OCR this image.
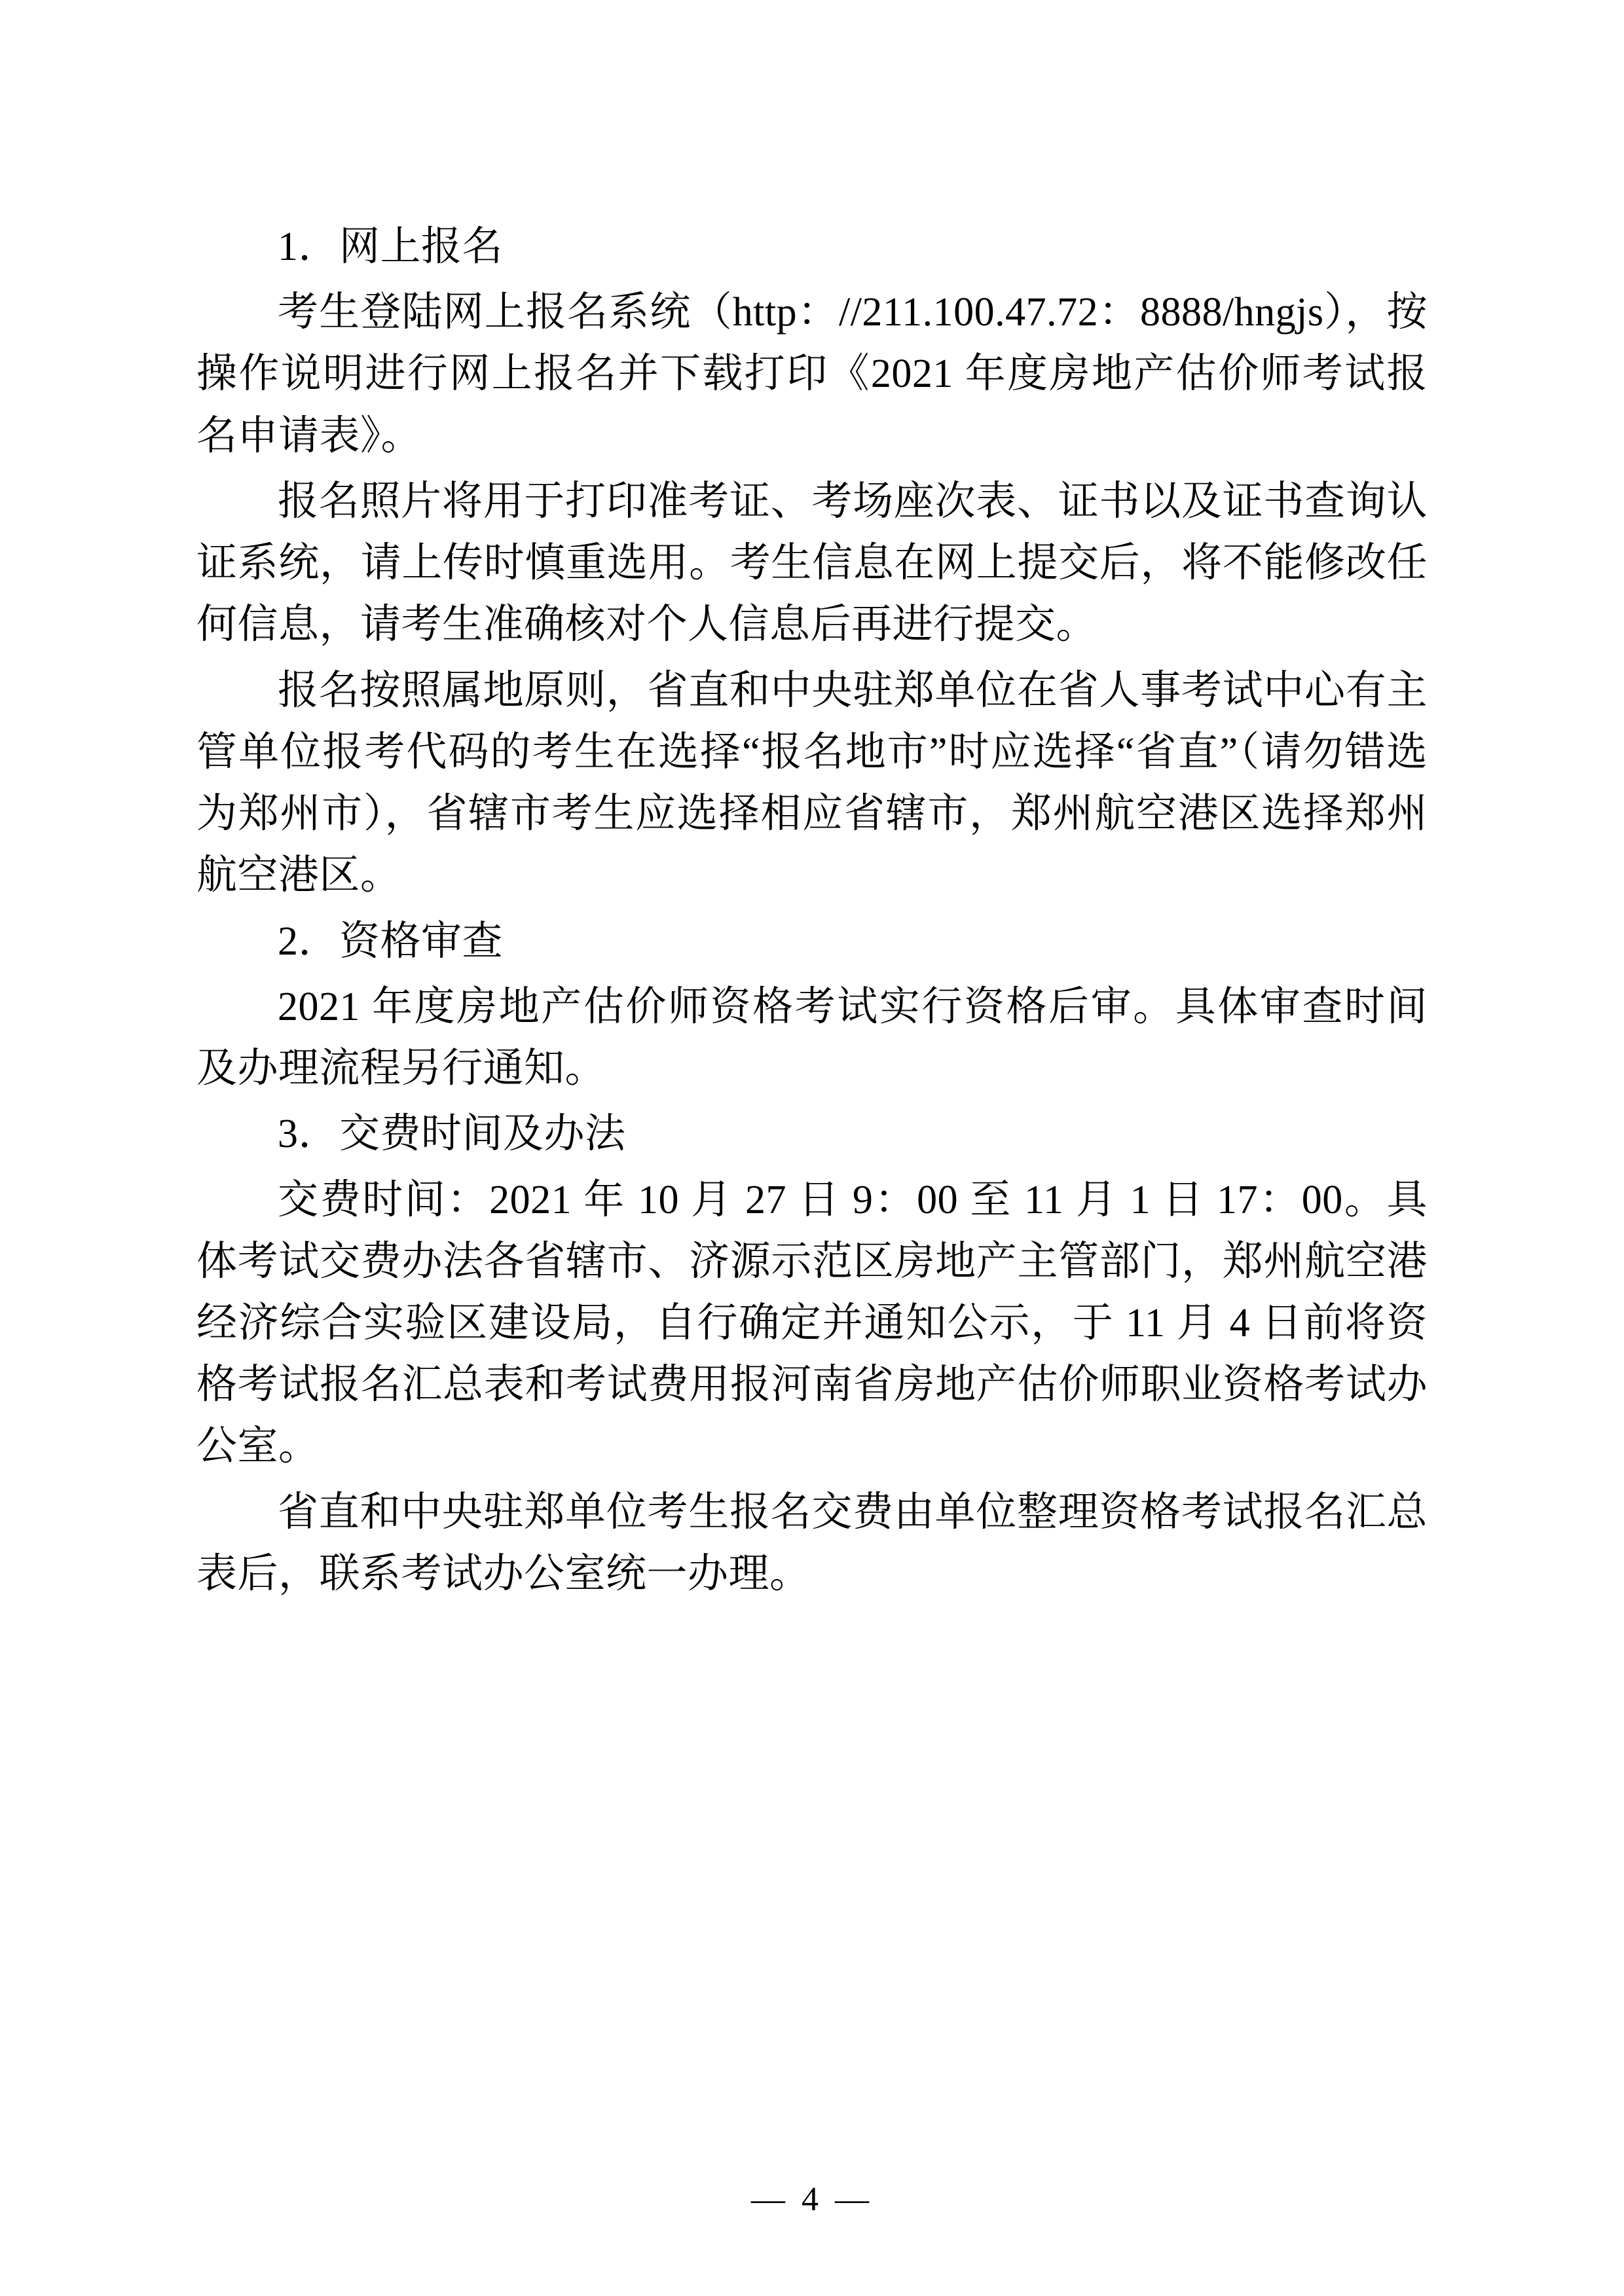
1．网上报名

考生登陆网上报名系统（http：//211.100.47.72：8888/hngjs），按操作说明进行网上报名并下载打印《2021 年度房地产估价师考试报名申请表》。

报名照片将用于打印准考证、考场座次表、证书以及证书查询认证系统，请上传时慎重选用。考生信息在网上提交后，将不能修改任何信息，请考生准确核对个人信息后再进行提交。

报名按照属地原则，省直和中央驻郑单位在省人事考试中心有主管单位报考代码的考生在选择“报名地市”时应选择“省直”（请勿错选为郑州市），省辖市考生应选择相应省辖市，郑州航空港区选择郑州航空港区。

2．资格审查

2021 年度房地产估价师资格考试实行资格后审。具体审查时间及办理流程另行通知。

3．交费时间及办法

交费时间：2021 年 10 月 27 日 9：00 至 11 月 1 日 17：00。具体考试交费办法各省辖市、济源示范区房地产主管部门，郑州航空港经济综合实验区建设局，自行确定并通知公示，于 11 月 4 日前将资格考试报名汇总表和考试费用报河南省房地产估价师职业资格考试办公室。

省直和中央驻郑单位考生报名交费由单位整理资格考试报名汇总表后，联系考试办公室统一办理。

— 4 —
